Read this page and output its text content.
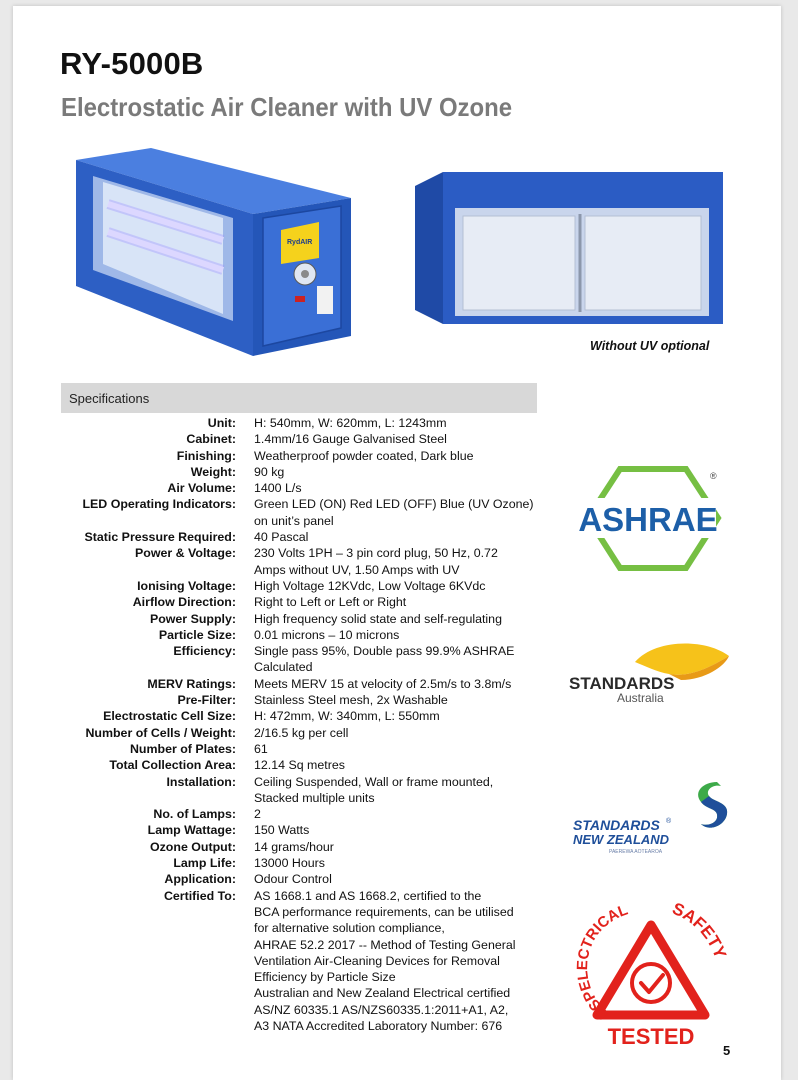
RY-5000B
Electrostatic Air Cleaner with UV Ozone
RydAIR
Without UV optional
Specifications
Unit: H: 540mm, W: 620mm, L: 1243mm
Cabinet: 1.4mm/16 Gauge Galvanised Steel
Finishing: Weatherproof powder coated, Dark blue
Weight: 90 kg
Air Volume: 1400 L/s
LED Operating Indicators: Green LED (ON) Red LED (OFF) Blue (UV Ozone)
on unit’s panel
Static Pressure Required: 40 Pascal
Power & Voltage: 230 Volts 1PH – 3 pin cord plug, 50 Hz, 0.72
Amps without UV, 1.50 Amps with UV
Ionising Voltage: High Voltage 12KVdc, Low Voltage 6KVdc
Airflow Direction: Right to Left or Left or Right
Power Supply: High frequency solid state and self-regulating
Particle Size: 0.01 microns – 10 microns
Efficiency: Single pass 95%, Double pass 99.9% ASHRAE
Calculated
MERV Ratings: Meets MERV 15 at velocity of 2.5m/s to 3.8m/s
Pre-Filter: Stainless Steel mesh, 2x Washable
Electrostatic Cell Size: H: 472mm, W: 340mm, L: 550mm
Number of Cells / Weight: 2/16.5 kg per cell
Number of Plates: 61
Total Collection Area: 12.14 Sq metres
Installation: Ceiling Suspended, Wall or frame mounted,
Stacked multiple units
No. of Lamps: 2
Lamp Wattage: 150 Watts
Ozone Output: 14 grams/hour
Lamp Life: 13000 Hours
Application: Odour Control
Certified To: AS 1668.1 and AS 1668.2, certified to the
BCA performance requirements, can be utilised
for alternative solution compliance,
AHRAE 52.2 2017 -- Method of Testing General
Ventilation Air-Cleaning Devices for Removal
Efficiency by Particle Size
Australian and New Zealand Electrical certified
AS/NZ 60335.1 AS/NZS60335.1:2011+A1, A2,
A3 NATA Accredited Laboratory Number: 676
ASHRAE
®
STANDARDS
Australia
STANDARDS ®
NEW ZEALAND
PAEREWA AOTEAROA
ESPELECTRICAL SAFETY
TESTED
5
